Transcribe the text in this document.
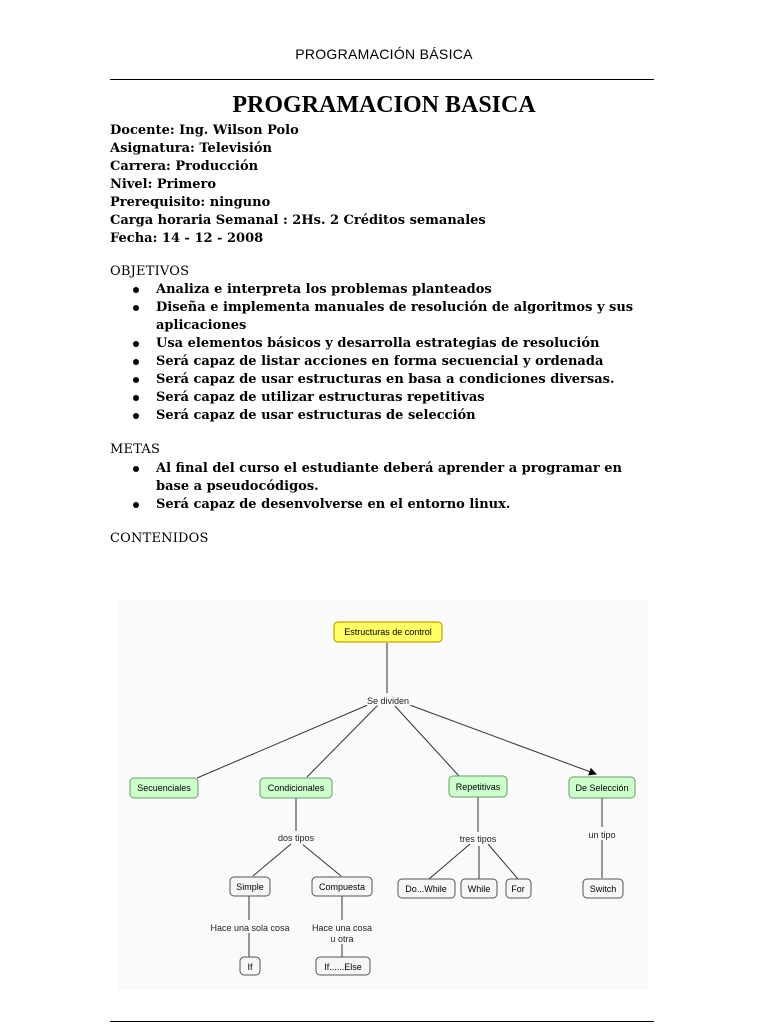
PROGRAMACIÓN BÁSICA
PROGRAMACION BASICA
Docente: Ing. Wilson Polo
Asignatura: Televisión
Carrera: Producción
Nivel: Primero
Prerequisito: ninguno
Carga horaria Semanal : 2Hs. 2 Créditos semanales
Fecha: 14 - 12 - 2008
OBJETIVOS
Analiza e interpreta los problemas planteados
Diseña e implementa manuales de resolución de algoritmos y sus aplicaciones
Usa elementos básicos y desarrolla estrategias de resolución
Será capaz de listar acciones en forma secuencial y ordenada
Será capaz de usar estructuras en basa a condiciones diversas.
Será capaz de utilizar estructuras repetitivas
Será capaz de usar estructuras de selección
METAS
Al final del curso el estudiante deberá aprender a programar en base a pseudocódigos.
Será capaz de desenvolverse en el entorno linux.
CONTENIDOS
Estructuras de control
Se dividen
Secuenciales	Condicionales	Repetitivas	De Selección
dos tipos
Simple	Compuesta
Hace una sola cosa Hace una cosa
u otra
If	If......Else
tres tipos
Do...While While For
un tipo
Switch
